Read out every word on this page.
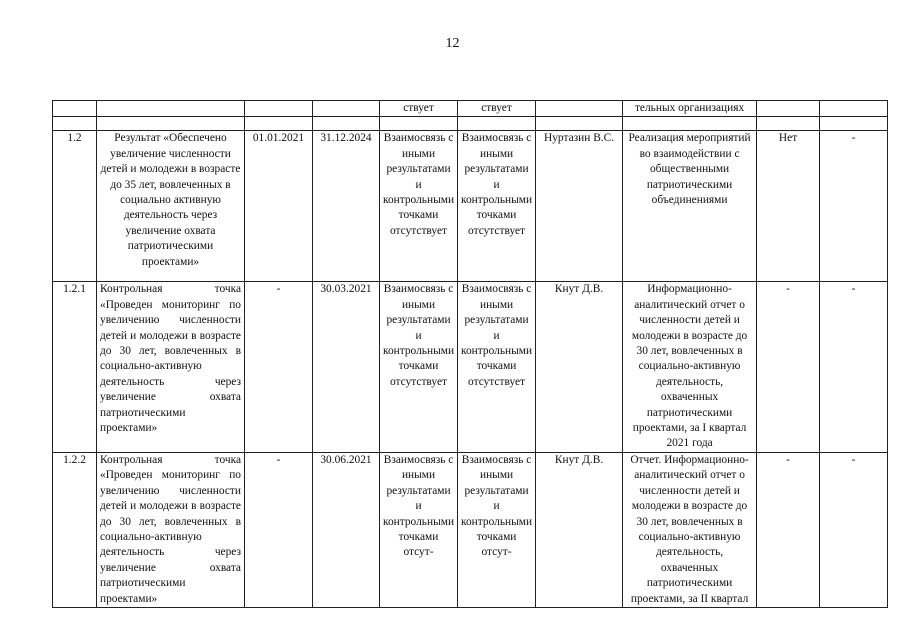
12
				ствует	ствует		тельных организациях		

1.2	Результат «Обеспечено увеличение численности детей и молодежи в возрасте до 35 лет, вовлеченных в социально активную деятельность через увеличение охвата патриотическими проектами»	01.01.2021	31.12.2024	Взаимосвязь с иными результатами и контрольными точками отсутствует	Взаимосвязь с иными результатами и контрольными точками отсутствует	Нуртазин В.С.	Реализация мероприятий во взаимодействии с общественными патриотическими объединениями	Нет	-
1.2.1	Контрольная точка «Проведен мониторинг по увеличению численности детей и молодежи в возрасте до 30 лет, вовлеченных в социально-активную деятельность через увеличение охвата патриотическими проектами»	-	30.03.2021	Взаимосвязь с иными результатами и контрольными точками отсутствует	Взаимосвязь с иными результатами и контрольными точками отсутствует	Кнут Д.В.	Информационно-аналитический отчет о численности детей и молодежи в возрасте до 30 лет, вовлеченных в социально-активную деятельность, охваченных патриотическими проектами, за I квартал 2021 года	-	-
1.2.2	Контрольная точка «Проведен мониторинг по увеличению численности детей и молодежи в возрасте до 30 лет, вовлеченных в социально-активную деятельность через увеличение охвата патриотическими проектами»	-	30.06.2021	Взаимосвязь с иными результатами и контрольными точками отсут-	Взаимосвязь с иными результатами и контрольными точками отсут-	Кнут Д.В.	Отчет. Информационно-аналитический отчет о численности детей и молодежи в возрасте до 30 лет, вовлеченных в социально-активную деятельность, охваченных патриотическими проектами, за II квартал	-	-
